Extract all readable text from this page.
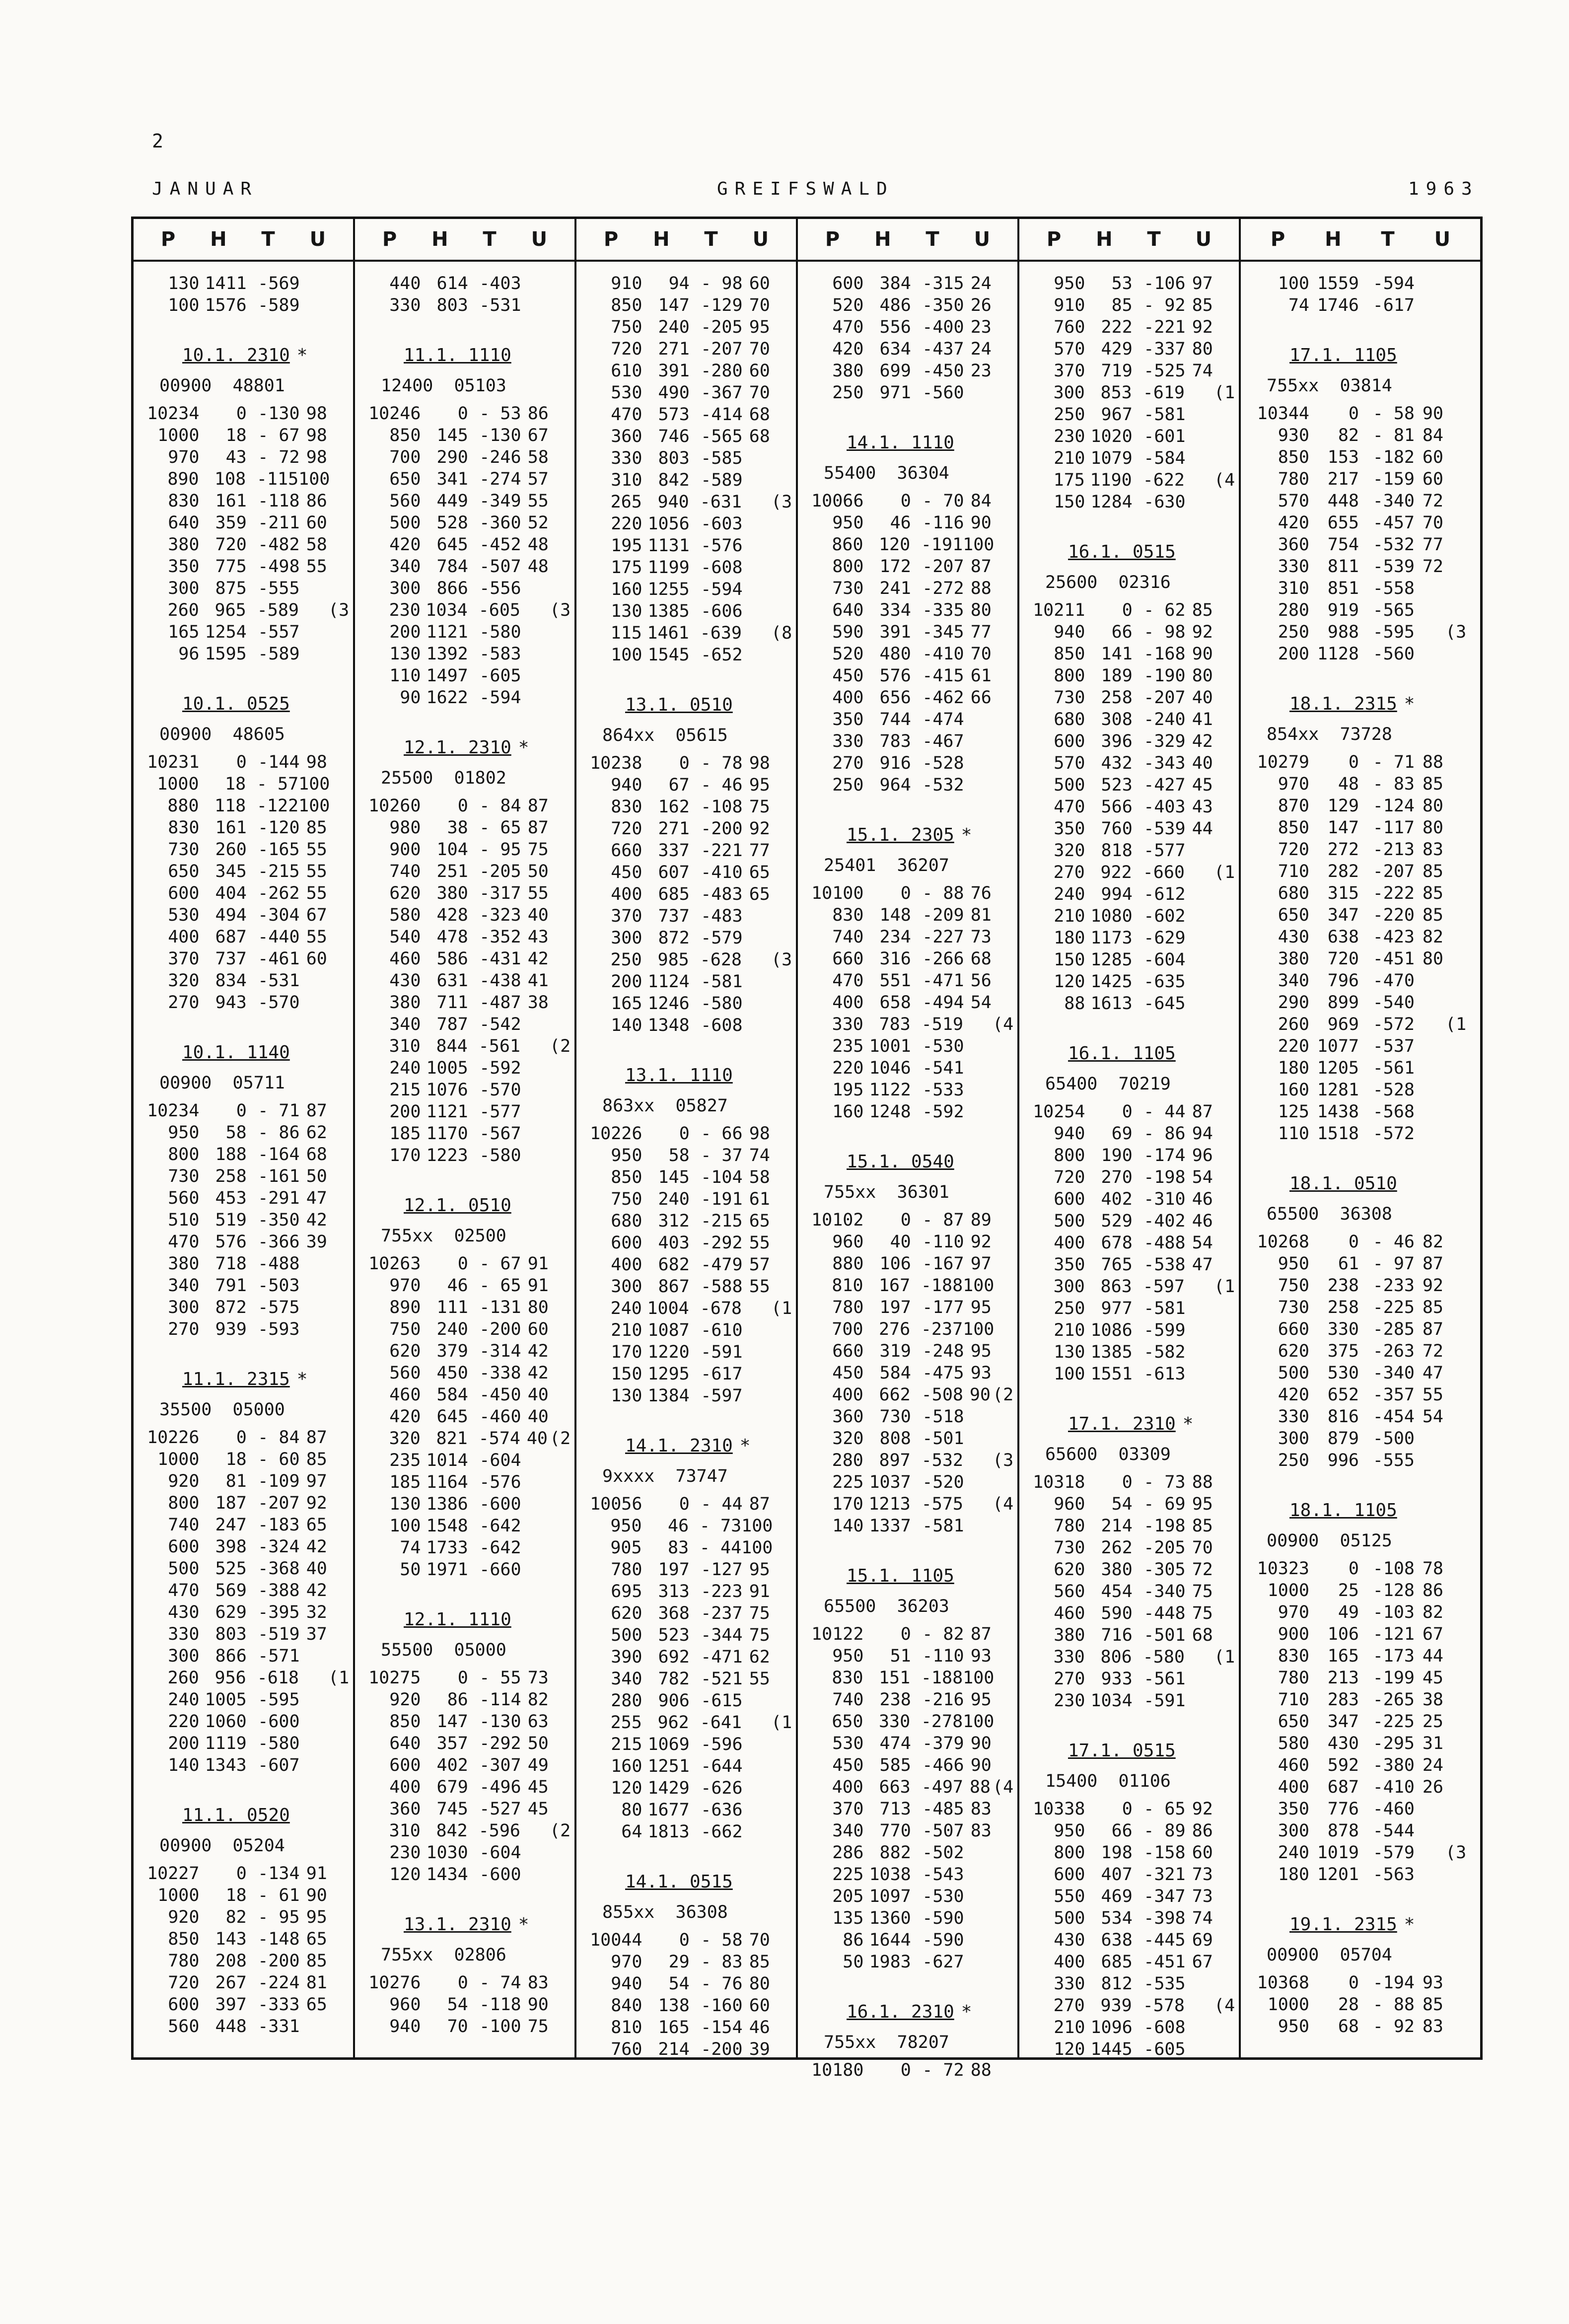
2
JANUAR	GREIFSWALD	1963
P H T U
130 1411 -569
100 1576 -589
10.1. 2310 *
00900  48801
10234	0 -130 98
1000	18 - 67 98
970	43 - 72 98
890 108 -115 100
830 161 -118 86
640 359 -211 60
380 720 -482 58
350 775 -498 55
300 875 -555
260 965 -589 (3
165 1254 -557
96 1595 -589
10.1. 0525
00900  48605
10231	0 -144 98
1000	18 - 57 100
880 118 -122 100
830 161 -120 85
730 260 -165 55
650 345 -215 55
600 404 -262 55
530 494 -304 67
400 687 -440 55
370 737 -461 60
320 834 -531
270 943 -570
10.1. 1140
00900  05711
10234	0 - 71 87
950	58 - 86 62
800 188 -164 68
730 258 -161 50
560 453 -291 47
510 519 -350 42
470 576 -366 39
380 718 -488
340 791 -503
300 872 -575
270 939 -593
11.1. 2315 *
35500  05000
10226	0 - 84 87
1000	18 - 60 85
920	81 -109 97
800 187 -207 92
740 247 -183 65
600 398 -324 42
500 525 -368 40
470 569 -388 42
430 629 -395 32
330 803 -519 37
300 866 -571
260 956 -618 (1
240 1005 -595
220 1060 -600
200 1119 -580
140 1343 -607
11.1. 0520
00900  05204
10227	0 -134 91
1000	18 - 61 90
920	82 - 95 95
850 143 -148 65
780 208 -200 85
720 267 -224 81
600 397 -333 65
560 448 -331
P H T U
440 614 -403
330 803 -531
11.1. 1110
12400  05103
10246	0 - 53 86
850 145 -130 67
700 290 -246 58
650 341 -274 57
560 449 -349 55
500 528 -360 52
420 645 -452 48
340 784 -507 48
300 866 -556
230 1034 -605 (3
200 1121 -580
130 1392 -583
110 1497 -605
90 1622 -594
12.1. 2310 *
25500  01802
10260	0 - 84 87
980	38 - 65 87
900 104 - 95 75
740 251 -205 50
620 380 -317 55
580 428 -323 40
540 478 -352 43
460 586 -431 42
430 631 -438 41
380 711 -487 38
340 787 -542
310 844 -561 (2
240 1005 -592
215 1076 -570
200 1121 -577
185 1170 -567
170 1223 -580
12.1. 0510
755xx  02500
10263	0 - 67 91
970	46 - 65 91
890 111 -131 80
750 240 -200 60
620 379 -314 42
560 450 -338 42
460 584 -450 40
420 645 -460 40
320 821 -574 40 (2
235 1014 -604
185 1164 -576
130 1386 -600
100 1548 -642
74 1733 -642
50 1971 -660
12.1. 1110
55500  05000
10275	0 - 55 73
920	86 -114 82
850 147 -130 63
640 357 -292 50
600 402 -307 49
400 679 -496 45
360 745 -527 45
310 842 -596 (2
230 1030 -604
120 1434 -600
13.1. 2310 *
755xx  02806
10276	0 - 74 83
960	54 -118 90
940	70 -100 75
P H T U
910	94 - 98 60
850 147 -129 70
750 240 -205 95
720 271 -207 70
610 391 -280 60
530 490 -367 70
470 573 -414 68
360 746 -565 68
330 803 -585
310 842 -589
265 940 -631 (3
220 1056 -603
195 1131 -576
175 1199 -608
160 1255 -594
130 1385 -606
115 1461 -639 (8
100 1545 -652
13.1. 0510
864xx  05615
10238	0 - 78 98
940	67 - 46 95
830 162 -108 75
720 271 -200 92
660 337 -221 77
450 607 -410 65
400 685 -483 65
370 737 -483
300 872 -579
250 985 -628 (3
200 1124 -581
165 1246 -580
140 1348 -608
13.1. 1110
863xx  05827
10226	0 - 66 98
950	58 - 37 74
850 145 -104 58
750 240 -191 61
680 312 -215 65
600 403 -292 55
400 682 -479 57
300 867 -588 55
240 1004 -678 (1
210 1087 -610
170 1220 -591
150 1295 -617
130 1384 -597
14.1. 2310 *
9xxxx  73747
10056	0 - 44 87
950	46 - 73 100
905	83 - 44 100
780 197 -127 95
695 313 -223 91
620 368 -237 75
500 523 -344 75
390 692 -471 62
340 782 -521 55
280 906 -615
255 962 -641 (1
215 1069 -596
160 1251 -644
120 1429 -626
80 1677 -636
64 1813 -662
14.1. 0515
855xx  36308
10044	0 - 58 70
970	29 - 83 85
940	54 - 76 80
840 138 -160 60
810 165 -154 46
760 214 -200 39
P H T U
600 384 -315 24
520 486 -350 26
470 556 -400 23
420 634 -437 24
380 699 -450 23
250 971 -560
14.1. 1110
55400  36304
10066	0 - 70 84
950	46 -116 90
860 120 -191 100
800 172 -207 87
730 241 -272 88
640 334 -335 80
590 391 -345 77
520 480 -410 70
450 576 -415 61
400 656 -462 66
350 744 -474
330 783 -467
270 916 -528
250 964 -532
15.1. 2305 *
25401  36207
10100	0 - 88 76
830 148 -209 81
740 234 -227 73
660 316 -266 68
470 551 -471 56
400 658 -494 54
330 783 -519 (4
235 1001 -530
220 1046 -541
195 1122 -533
160 1248 -592
15.1. 0540
755xx  36301
10102	0 - 87 89
960	40 -110 92
880 106 -167 97
810 167 -188 100
780 197 -177 95
700 276 -237 100
660 319 -248 95
450 584 -475 93
400 662 -508 90 (2
360 730 -518
320 808 -501
280 897 -532 (3
225 1037 -520
170 1213 -575 (4
140 1337 -581
15.1. 1105
65500  36203
10122	0 - 82 87
950	51 -110 93
830 151 -188 100
740 238 -216 95
650 330 -278 100
530 474 -379 90
450 585 -466 90
400 663 -497 88 (4
370 713 -485 83
340 770 -507 83
286 882 -502
225 1038 -543
205 1097 -530
135 1360 -590
86 1644 -590
50 1983 -627
16.1. 2310 *
755xx  78207
10180	0 - 72 88
P H T U
950	53 -106 97
910	85 - 92 85
760 222 -221 92
570 429 -337 80
370 719 -525 74
300 853 -619 (1
250 967 -581
230 1020 -601
210 1079 -584
175 1190 -622 (4
150 1284 -630
16.1. 0515
25600  02316
10211	0 - 62 85
940	66 - 98 92
850 141 -168 90
800 189 -190 80
730 258 -207 40
680 308 -240 41
600 396 -329 42
570 432 -343 40
500 523 -427 45
470 566 -403 43
350 760 -539 44
320 818 -577
270 922 -660 (1
240 994 -612
210 1080 -602
180 1173 -629
150 1285 -604
120 1425 -635
88 1613 -645
16.1. 1105
65400  70219
10254	0 - 44 87
940	69 - 86 94
800 190 -174 96
720 270 -198 54
600 402 -310 46
500 529 -402 46
400 678 -488 54
350 765 -538 47
300 863 -597 (1
250 977 -581
210 1086 -599
130 1385 -582
100 1551 -613
17.1. 2310 *
65600  03309
10318	0 - 73 88
960	54 - 69 95
780 214 -198 85
730 262 -205 70
620 380 -305 72
560 454 -340 75
460 590 -448 75
380 716 -501 68
330 806 -580 (1
270 933 -561
230 1034 -591
17.1. 0515
15400  01106
10338	0 - 65 92
950	66 - 89 86
800 198 -158 60
600 407 -321 73
550 469 -347 73
500 534 -398 74
430 638 -445 69
400 685 -451 67
330 812 -535
270 939 -578 (4
210 1096 -608
120 1445 -605
P H T U
100 1559 -594
74 1746 -617
17.1. 1105
755xx  03814
10344	0 - 58 90
930	82 - 81 84
850	153 -182 60
780	217 -159 60
570	448 -340 72
420	655 -457 70
360	754 -532 77
330	811 -539 72
310	851 -558
280	919 -565
250	988 -595 (3
200 1128 -560
18.1. 2315 *
854xx  73728
10279	0 - 71 88
970	48 - 83 85
870	129 -124 80
850	147 -117 80
720	272 -213 83
710	282 -207 85
680	315 -222 85
650	347 -220 85
430	638 -423 82
380	720 -451 80
340	796 -470
290	899 -540
260	969 -572 (1
220 1077 -537
180 1205 -561
160 1281 -528
125 1438 -568
110 1518 -572
18.1. 0510
65500  36308
10268	0 - 46 82
950	61 - 97 87
750	238 -233 92
730	258 -225 85
660	330 -285 87
620	375 -263 72
500	530 -340 47
420	652 -357 55
330	816 -454 54
300	879 -500
250	996 -555
18.1. 1105
00900  05125
10323	0 -108 78
1000	25 -128 86
970	49 -103 82
900	106 -121 67
830	165 -173 44
780	213 -199 45
710	283 -265 38
650	347 -225 25
580	430 -295 31
460	592 -380 24
400	687 -410 26
350	776 -460
300	878 -544
240 1019 -579 (3
180 1201 -563
19.1. 2315 *
00900  05704
10368	0 -194 93
1000	28 - 88 85
950	68 - 92 83
